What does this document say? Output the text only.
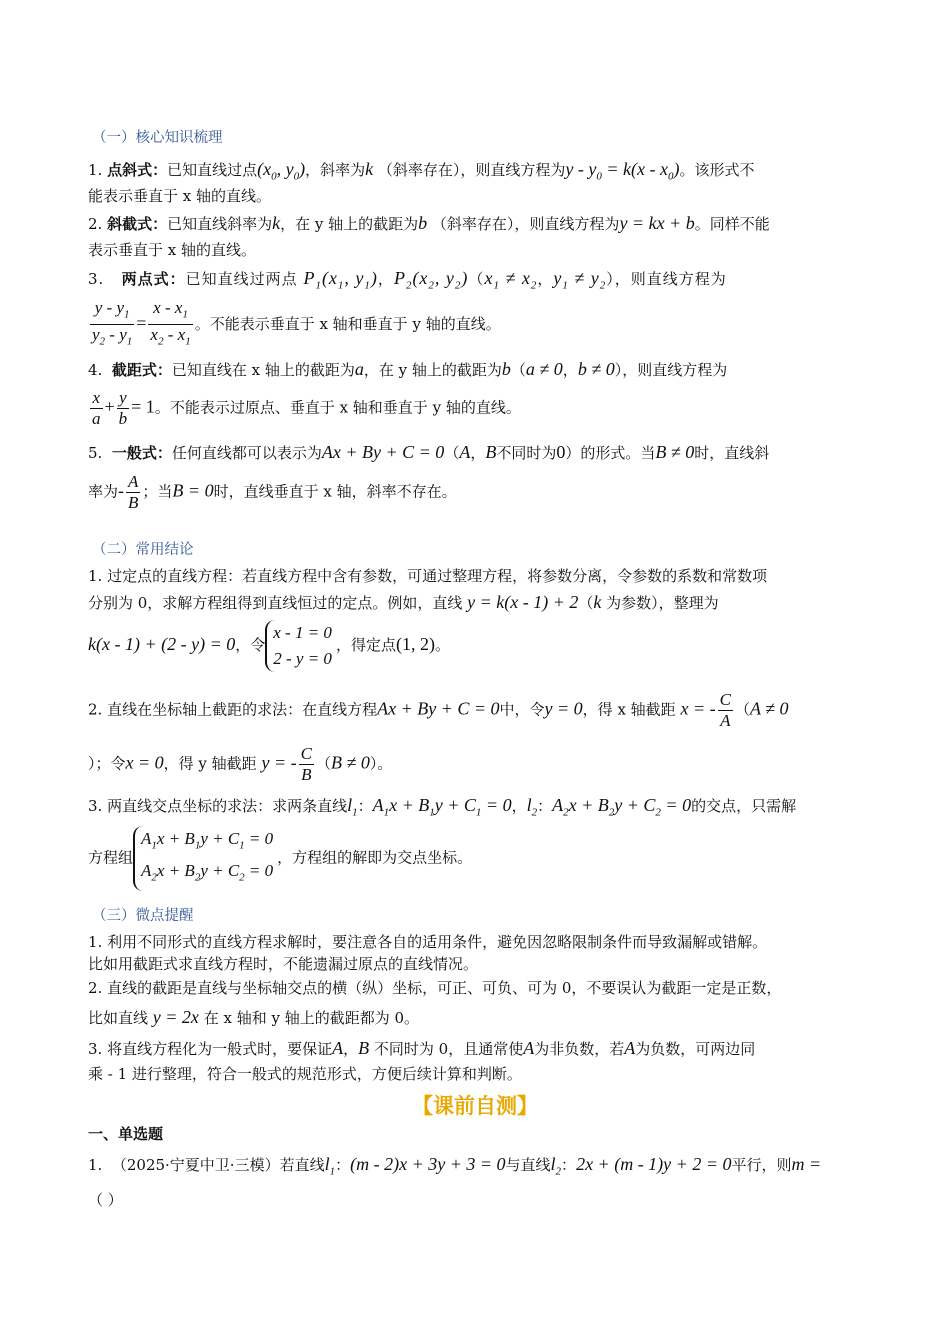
（一）核心知识梳理
1. 点斜式：已知直线过点($x_0$, $y_0$)，斜率为k （斜率存在），则直线方程为$y - y_0 = k(x - x_0)$。该形式不
能表示垂直于 x 轴的直线。
2. 斜截式：已知直线斜率为k，在 y 轴上的截距为b （斜率存在），则直线方程为y = kx + b。同样不能
表示垂直于 x 轴的直线。
3. 两点式：已知直线过两点 $P_1(x_1$, $y_1$)，$P_2(x_2$, $y_2)(x_1 \ne x_2$，$y_1 \ne y_2$），则直线方程为
$\frac{y - y_1}{y_2 - y_1} = \frac{x - x_1}{x_2 - x_1}$ 。不能表示垂直于 x 轴和垂直于 y 轴的直线。
4. 截距式：已知直线在 x 轴上的截距为a，在 y 轴上的截距为b（a ≠ 0，b ≠ 0），则直线方程为
$\frac{x}{a} + \frac{y}{b} = 1$。不能表示过原点、垂直于 x 轴和垂直于 y 轴的直线。
5. 一般式：任何直线都可以表示为Ax + By + C = 0（A，B不同时为0）的形式。当B ≠ 0时，直线斜
率为- $\frac{A}{B}$ ；当B = 0时，直线垂直于 x 轴，斜率不存在。
（二）常用结论
1. 过定点的直线方程：若直线方程中含有参数，可通过整理方程，将参数分离，令参数的系数和常数项
分别为 0，求解方程组得到直线恒过的定点。例如，直线 y = k(x - 1) + 2（k 为参数），整理为
k(x - 1) + (2 - y) = 0，令
x - 1 = 0
2 - y = 0
，得定点(1, 2)。
2. 直线在坐标轴上截距的求法：在直线方程Ax + By + C = 0中，令y = 0，得 x 轴截距 x = - $\frac{C}{A} (A \ne 0$
）；令x = 0，得 y 轴截距 y = - $\frac{C}{B} (B \ne 0)$。
3. 两直线交点坐标的求法：求两条直线$l_1$：$A_1x + B_1y + C_1 = 0$，$l_2$：$A_2x + B_2y + C_2 = 0$的交点，只需解
方程组
$A_1x + B_1y + C_1 = 0$
$A_2x + B_2y + C_2 = 0$
，方程组的解即为交点坐标。
（三）微点提醒
1. 利用不同形式的直线方程求解时，要注意各自的适用条件，避免因忽略限制条件而导致漏解或错解。
比如用截距式求直线方程时，不能遗漏过原点的直线情况。
2. 直线的截距是直线与坐标轴交点的横（纵）坐标，可正、可负、可为 0，不要误认为截距一定是正数，
比如直线 y = 2x 在 x 轴和 y 轴上的截距都为 0。
3. 将直线方程化为一般式时，要保证A，B 不同时为 0，且通常使A为非负数，若A为负数，可两边同
乘 - 1 进行整理，符合一般式的规范形式，方便后续计算和判断。
【课前自测】
一、单选题
1. （2025·宁夏中卫·三模）若直线$l_1$：(m - 2)x + 3y + 3 = 0与直线$l_2$：2x + (m - 1)y + 2 = 0平行，则m =
（ ）
